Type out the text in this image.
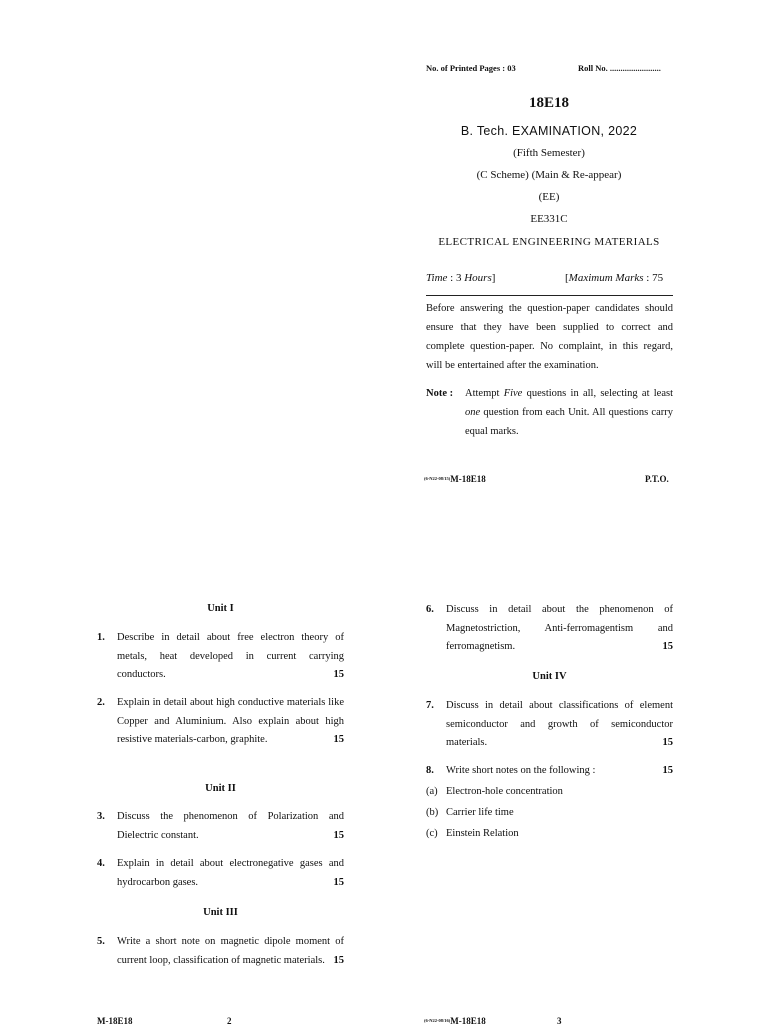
No. of Printed Pages : 03	Roll No. ........................
18E18
B. Tech. EXAMINATION, 2022
(Fifth Semester)
(C Scheme) (Main & Re-appear)
(EE)
EE331C
ELECTRICAL ENGINEERING MATERIALS
Time : 3 Hours]	[Maximum Marks : 75
Before answering the question-paper candidates should ensure that they have been supplied to correct and complete question-paper. No complaint, in this regard, will be entertained after the examination.
Note : Attempt Five questions in all, selecting at least one question from each Unit. All questions carry equal marks.
$^{(6-N22-08/15)}$M-18E18	P.T.O.
Unit I
1. Describe in detail about free electron theory of metals, heat developed in current carrying conductors.	15
2. Explain in detail about high conductive materials like Copper and Aluminium. Also explain about high resistive materials-carbon, graphite.	15
Unit II
3. Discuss the phenomenon of Polarization and Dielectric constant.	15
4. Explain in detail about electronegative gases and hydrocarbon gases.	15
Unit III
5. Write a short note on magnetic dipole moment of current loop, classification of magnetic materials. 15
6. Discuss in detail about the phenomenon of Magnetostriction, Anti-ferromagentism and ferromagnetism.	15
Unit IV
7. Discuss in detail about classifications of element semiconductor and growth of semiconductor materials.	15
8. Write short notes on the following :	15
(a) Electron-hole concentration
(b) Carrier life time
(c) Einstein Relation
M-18E18	2	$^{(6-N22-08/16)}$M-18E18	3
